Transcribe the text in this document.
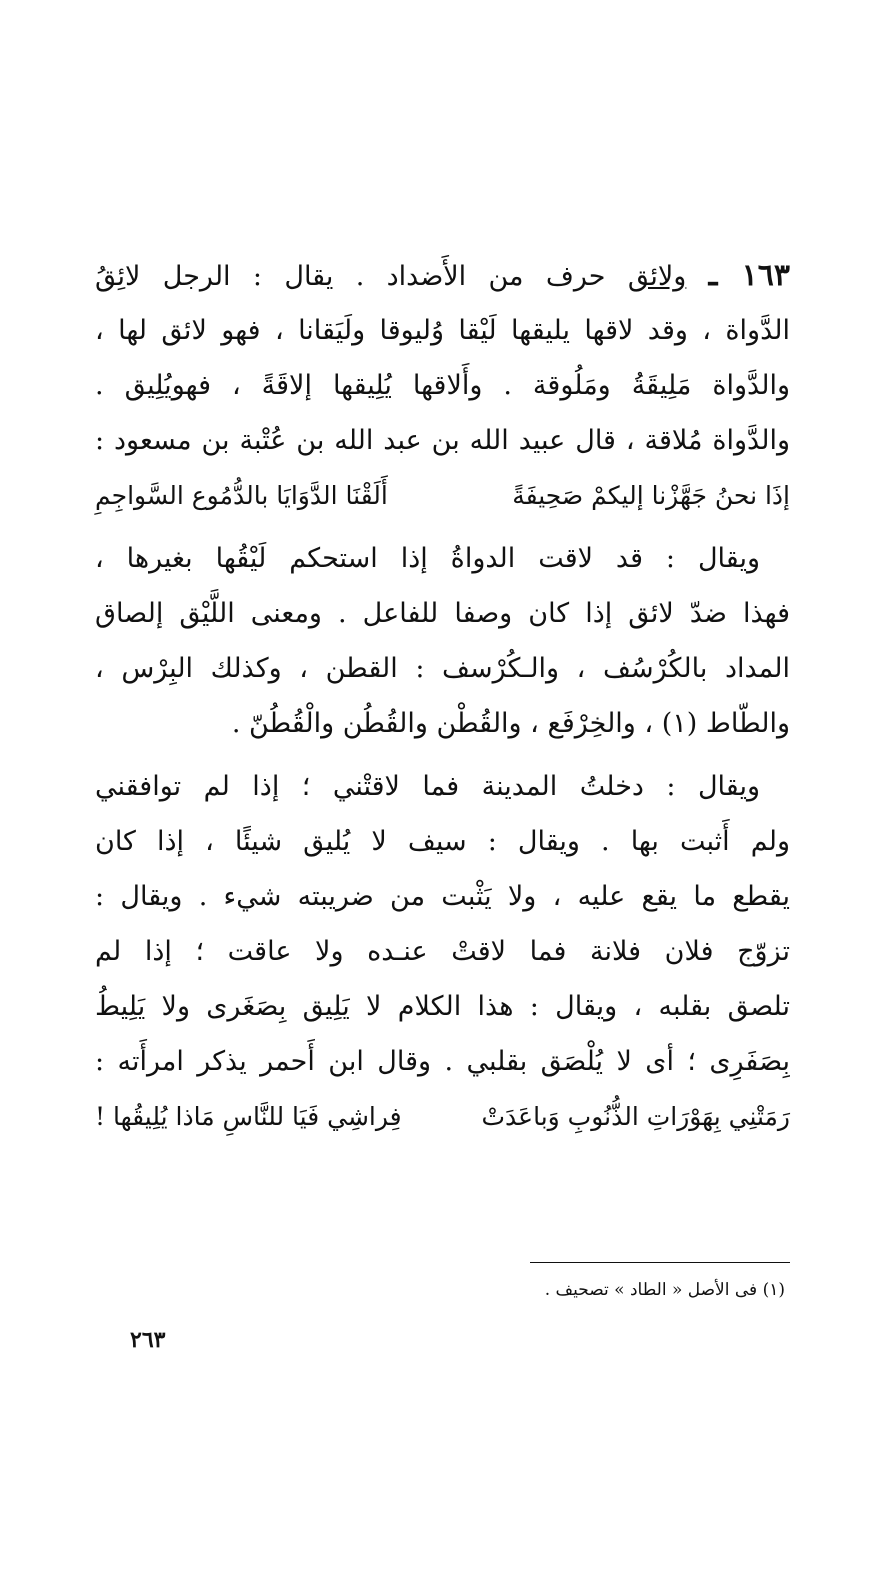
١٦٣ ـ ولائق حرف من الأَضداد . يقال : الرجل لائِقُ
الدَّواة ، وقد لاقها يليقها لَيْقا وُليوقا ولَيَقانا ، فهو لائق لها ،
والدَّواة مَلِيقَةُ ومَلُوقة . وأَلاقها يُلِيقها إلاقَةً ، فهويُلِيق .
والدَّواة مُلاقة ، قال عبيد الله بن عبد الله بن عُتْبة بن مسعود :
إذَا نحنُ جَهَّزْنا إليكمْ صَحِيفَةً
أَلَقْنَا الدَّوَايَا بالدُّمُوع السَّواجِمِ
ويقال : قد لاقت الدواةُ إذا استحكم لَيْقُها بغيرها ،
فهذا ضدّ لائق إذا كان وصفا للفاعل . ومعنى اللَّيْق إلصاق
المداد بالكُرْسُف ، والـكُرْسف : القطن ، وكذلك البِرْس ،
والطّاط (١) ، والخِرْفَع ، والقُطْن والقُطُن والْقُطُنّ .
ويقال : دخلتُ المدينة فما لاقتْني ؛ إذا لم توافقني
ولم أَثبت بها . ويقال : سيف لا يُليق شيئًا ، إذا كان
يقطع ما يقع عليه ، ولا يَثْبت من ضريبته شيء . ويقال :
تزوّج فلان فلانة فما لاقتْ عنـده ولا عاقت ؛ إذا لم
تلصق بقلبه ، ويقال : هذا الكلام لا يَلِيق بِصَغَرى ولا يَلِيطُ
بِصَفَرِى ؛ أى لا يُلْصَق بقلبي . وقال ابن أَحمر يذكر امرأَته :
رَمَتْنِي بِهَوْرَاتِ الذُّنُوبِ وَباعَدَتْ
فِراشِي فَيَا للنَّاسِ مَاذا يُلِيقُها !
(١) فى الأصل « الطاد » تصحيف .
٢٦٣
